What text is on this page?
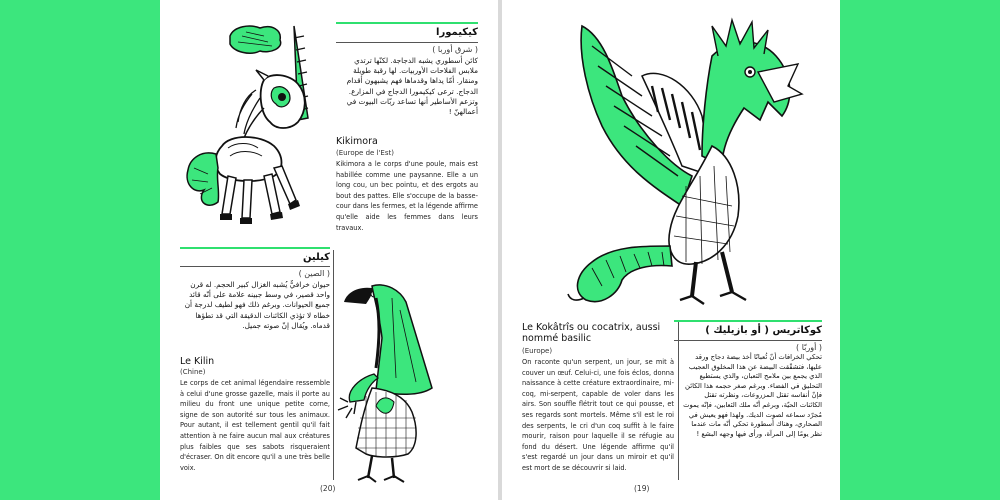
كيكيمورا
( شرق أوربا )
كائن أسطوري يشبه الدجاجة. لكنّها ترتدي ملابس الفلاحات الأوربيات. لها رقبة طويلة ومنقار. أمّا يداها وقدماها فهم يشبهون أقدام الدجاج. ترعى كيكيمورا الدجاج في المزارع. وتزعم الأساطير أنها تساعد ربّات البيوت في أعمالهنّ !
Kikimora
(Europe de l'Est)
Kikimora a le corps d'une poule, mais est habillée comme une paysanne. Elle a un long cou, un bec pointu, et des ergots au bout des pattes. Elle s'occupe de la basse-cour dans les fermes, et la légende affirme qu'elle aide les femmes dans leurs travaux.
كيلين
( الصين )
حيوان خرافيٌّ يُشبه الغزال كبير الحجم. له قرن واحد قصير، في وسط جبينه علامة على أنّه قائد جميع الحيوانات. وبرغم ذلك فهو لطيف لدرجة أن خطاه لا تؤذي الكائنات الدقيقة التي قد تطؤها قدماه. ويُقال إنّ صوته جميل.
Le Kilin
(Chine)
Le corps de cet animal légendaire ressemble à celui d'une grosse gazelle, mais il porte au milieu du front une unique petite corne, signe de son autorité sur tous les animaux. Pour autant, il est tellement gentil qu'il fait attention à ne faire aucun mal aux créatures plus faibles que ses sabots risqueraient d'écraser. On dit encore qu'il a une très belle voix.
(20)
Le Kokâtrîs ou cocatrix, aussi nommé basilic
(Europe)
On raconte qu'un serpent, un jour, se mit à couver un œuf. Celui-ci, une fois éclos, donna naissance à cette créature extraordinaire, mi-coq, mi-serpent, capable de voler dans les airs. Son souffle flétrit tout ce qui pousse, et ses regards sont mortels. Même s'il est le roi des serpents, le cri d'un coq suffit à le faire mourir, raison pour laquelle il se réfugie au fond du désert. Une légende affirme qu'il s'est regardé un jour dans un miroir et qu'il est mort de se découvrir si laid.
كوكاتريس ( أو بازيليك )
( أوربّا )
تحكي الخرافات أنّ ثُعبانًا أخذ بيضة دجاج ورقد عليها، فتشقّقت البيضة عن هذا المخلوق العجيب الذي يجمع بين ملامح الثعبان، والذي يستطيع التحليق في الفضاء. وبرغم صغر حجمه هذا الكائن فإنّ أنفاسه تقتل المزروعات، ونظرته تقتل الكائنات الحيّة، وبرغم أنّه ملك الثعابين، فإنّه يموت مُجرّد سماعه لصوت الديك. ولهذا فهو يعيش في الصحاري، وهناك أسطورة تحكي أنّه مات عندما نظر يومًا إلى المرآة، ورأى فيها وجهه البشع !
(19)
